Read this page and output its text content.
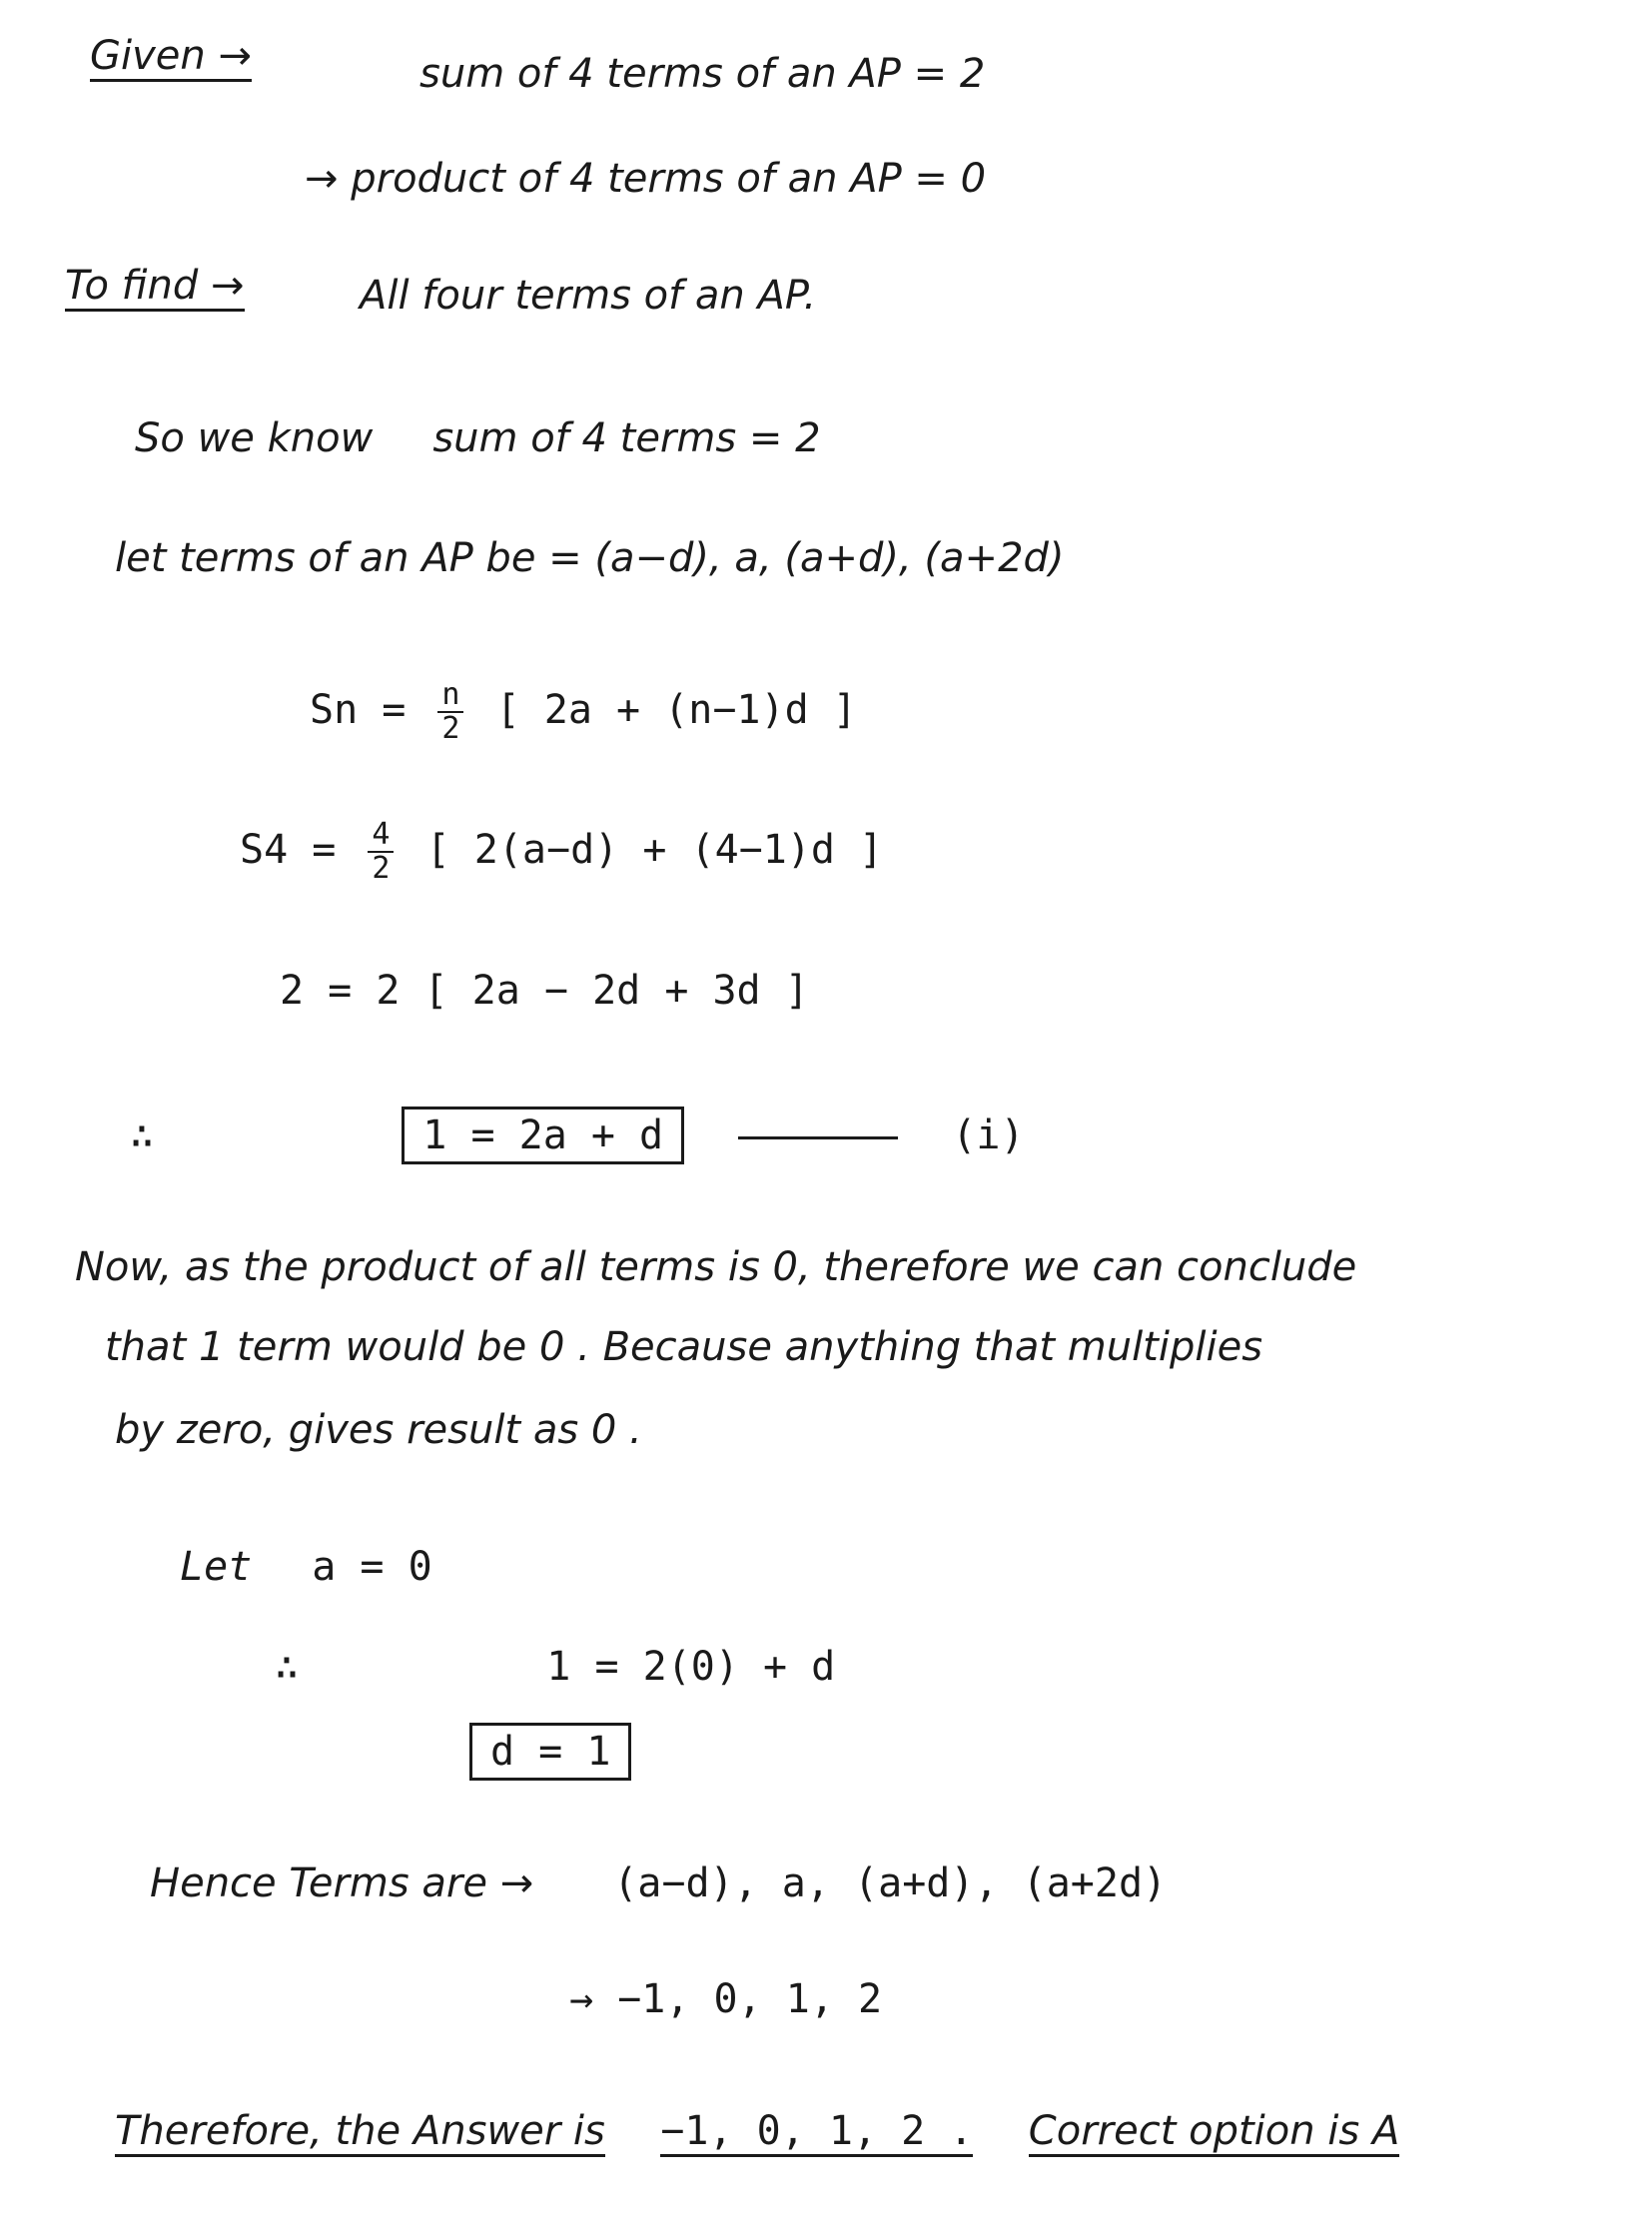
Given →	sum of 4 terms of an AP = 2
→ product of 4 terms of an AP = 0
To find →	All four terms of an AP.
So we know sum of 4 terms = 2
let terms of an AP be = (a−d), a, (a+d), (a+2d)
$Sn = \frac{n}{2}$ [ 2a + (n−1)d ]
$S4 = \frac{4}{2}$ [ 2(a−d) + (4−1)d ]
2 = 2 [ 2a − 2d + 3d ]
∴	1 = 2a + d	(i)
Now, as the product of all terms is 0, therefore we can conclude
that 1 term would be 0 . Because anything that multiplies
by zero, gives result as 0 .
Let a = 0
∴	1 = 2(0) + d
d = 1
Hence Terms are → (a−d), a, (a+d), (a+2d)
→ −1, 0, 1, 2
Therefore, the Answer is −1, 0, 1, 2 . Correct option is A
